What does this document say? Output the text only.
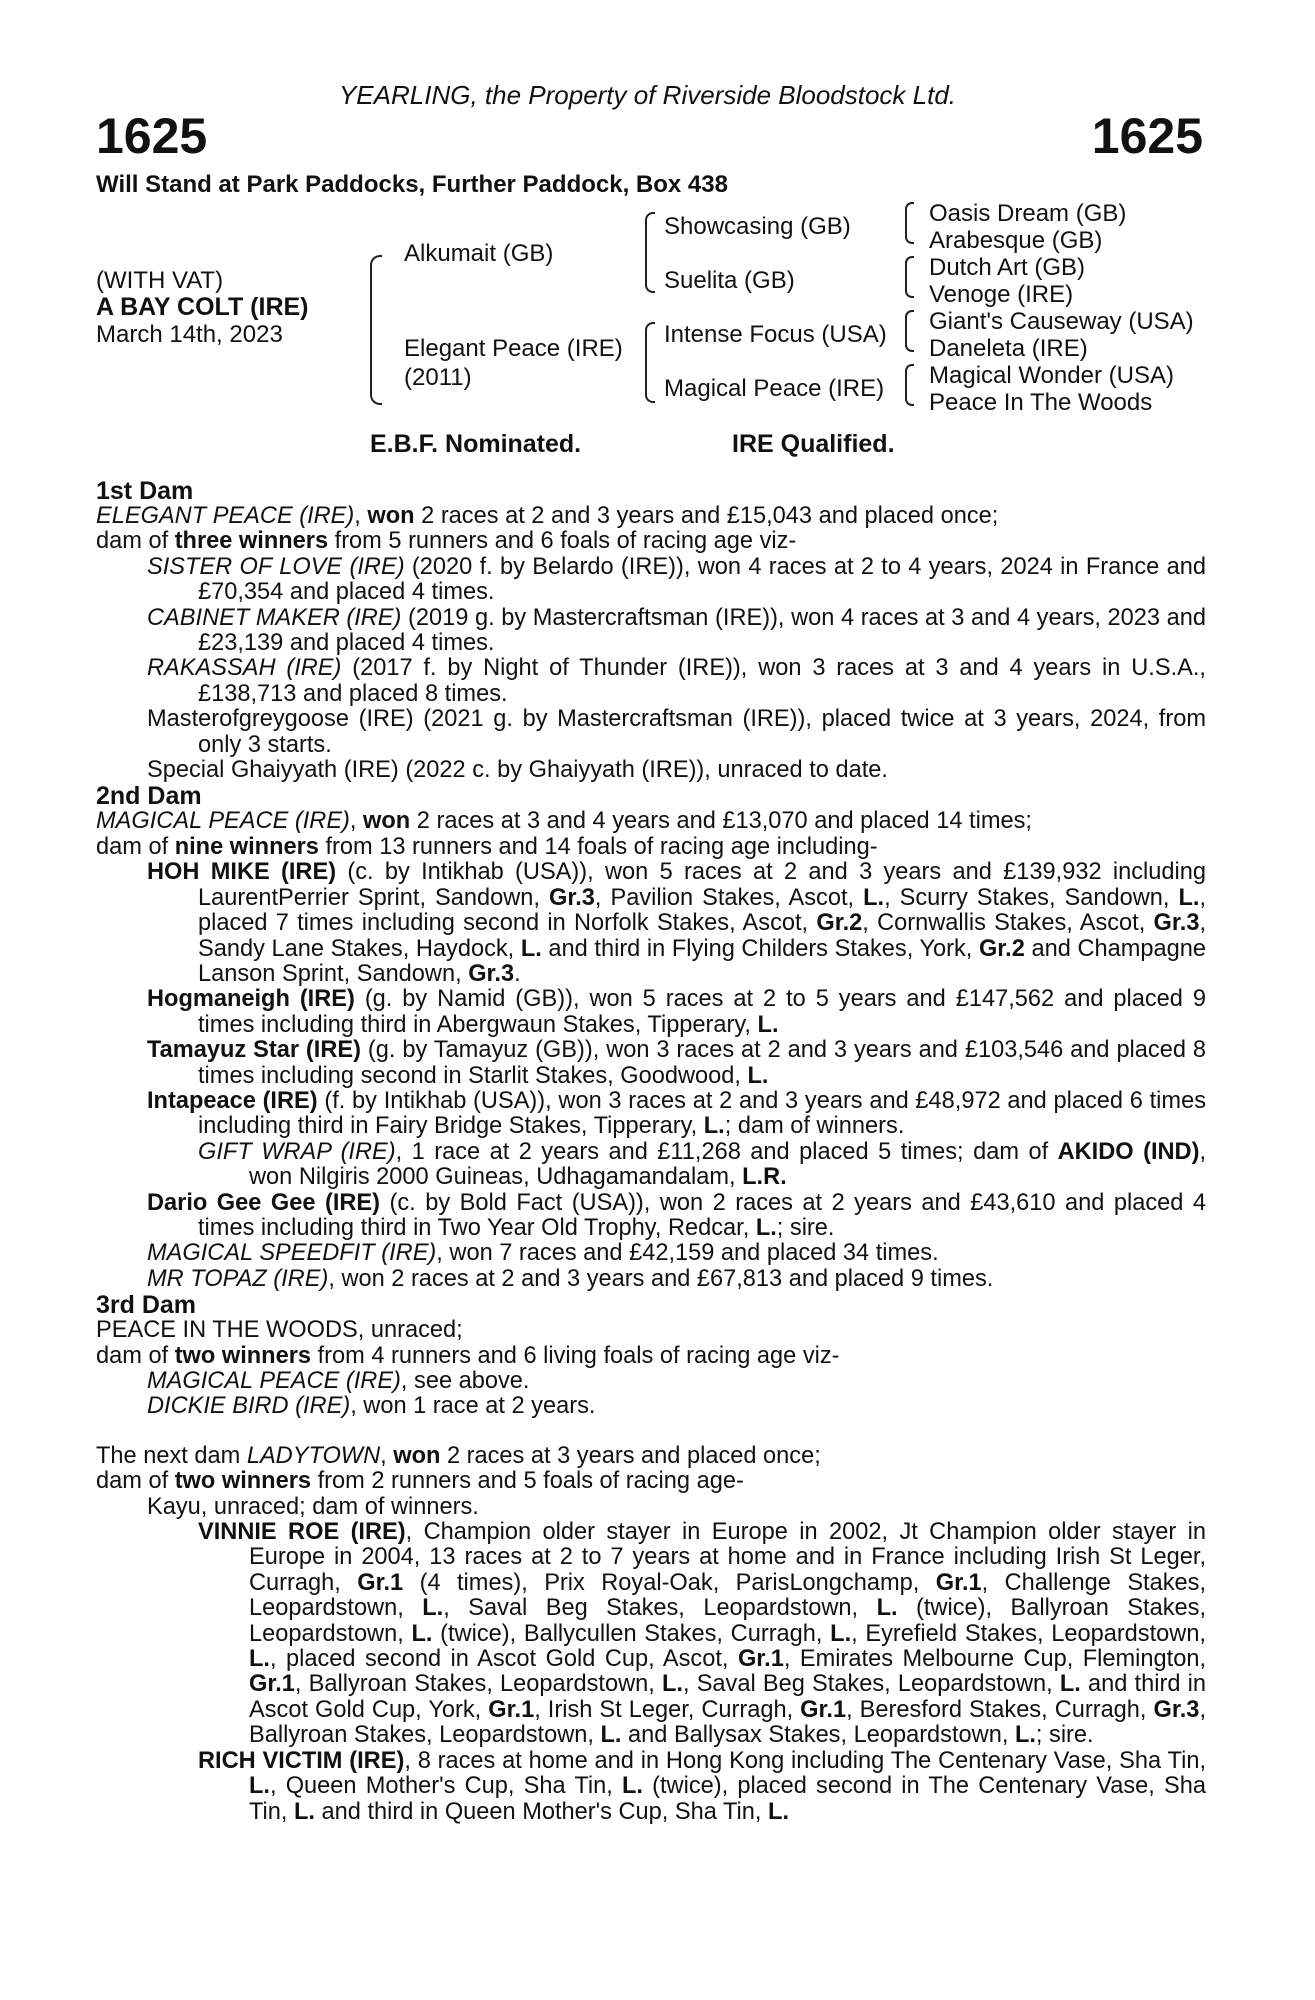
YEARLING, the Property of Riverside Bloodstock Ltd.
1625	1625
Will Stand at Park Paddocks, Further Paddock, Box 438
(WITH VAT)
A BAY COLT (IRE)
March 14th, 2023
Alkumait (GB)
Elegant Peace (IRE)
(2011)
Showcasing (GB)
Suelita (GB)
Intense Focus (USA)
Magical Peace (IRE)
Oasis Dream (GB)
Arabesque (GB)
Dutch Art (GB)
Venoge (IRE)
Giant's Causeway (USA)
Daneleta (IRE)
Magical Wonder (USA)
Peace In The Woods
E.B.F. Nominated.	IRE Qualified.

1st Dam

ELEGANT PEACE (IRE), won 2 races at 2 and 3 years and £15,043 and placed once;

dam of three winners from 5 runners and 6 foals of racing age viz-

SISTER OF LOVE (IRE) (2020 f. by Belardo (IRE)), won 4 races at 2 to 4 years, 2024 in France and £70,354 and placed 4 times.

CABINET MAKER (IRE) (2019 g. by Mastercraftsman (IRE)), won 4 races at 3 and 4 years, 2023 and £23,139 and placed 4 times.

RAKASSAH (IRE) (2017 f. by Night of Thunder (IRE)), won 3 races at 3 and 4 years in U.S.A., £138,713 and placed 8 times.

Masterofgreygoose (IRE) (2021 g. by Mastercraftsman (IRE)), placed twice at 3 years, 2024, from only 3 starts.

Special Ghaiyyath (IRE) (2022 c. by Ghaiyyath (IRE)), unraced to date.

2nd Dam

MAGICAL PEACE (IRE), won 2 races at 3 and 4 years and £13,070 and placed 14 times;

dam of nine winners from 13 runners and 14 foals of racing age including-

HOH MIKE (IRE) (c. by Intikhab (USA)), won 5 races at 2 and 3 years and £139,932 including LaurentPerrier Sprint, Sandown, Gr.3, Pavilion Stakes, Ascot, L., Scurry Stakes, Sandown, L., placed 7 times including second in Norfolk Stakes, Ascot, Gr.2, Cornwallis Stakes, Ascot, Gr.3, Sandy Lane Stakes, Haydock, L. and third in Flying Childers Stakes, York, Gr.2 and Champagne Lanson Sprint, Sandown, Gr.3.

Hogmaneigh (IRE) (g. by Namid (GB)), won 5 races at 2 to 5 years and £147,562 and placed 9 times including third in Abergwaun Stakes, Tipperary, L.

Tamayuz Star (IRE) (g. by Tamayuz (GB)), won 3 races at 2 and 3 years and £103,546 and placed 8 times including second in Starlit Stakes, Goodwood, L.

Intapeace (IRE) (f. by Intikhab (USA)), won 3 races at 2 and 3 years and £48,972 and placed 6 times including third in Fairy Bridge Stakes, Tipperary, L.; dam of winners.

GIFT WRAP (IRE), 1 race at 2 years and £11,268 and placed 5 times; dam of AKIDO (IND), won Nilgiris 2000 Guineas, Udhagamandalam, L.R.

Dario Gee Gee (IRE) (c. by Bold Fact (USA)), won 2 races at 2 years and £43,610 and placed 4 times including third in Two Year Old Trophy, Redcar, L.; sire.

MAGICAL SPEEDFIT (IRE), won 7 races and £42,159 and placed 34 times.

MR TOPAZ (IRE), won 2 races at 2 and 3 years and £67,813 and placed 9 times.

3rd Dam

PEACE IN THE WOODS, unraced;

dam of two winners from 4 runners and 6 living foals of racing age viz-

MAGICAL PEACE (IRE), see above.

DICKIE BIRD (IRE), won 1 race at 2 years.

The next dam LADYTOWN, won 2 races at 3 years and placed once;

dam of two winners from 2 runners and 5 foals of racing age-

Kayu, unraced; dam of winners.

VINNIE ROE (IRE), Champion older stayer in Europe in 2002, Jt Champion older stayer in Europe in 2004, 13 races at 2 to 7 years at home and in France including Irish St Leger, Curragh, Gr.1 (4 times), Prix Royal-Oak, ParisLongchamp, Gr.1, Challenge Stakes, Leopardstown, L., Saval Beg Stakes, Leopardstown, L. (twice), Ballyroan Stakes, Leopardstown, L. (twice), Ballycullen Stakes, Curragh, L., Eyrefield Stakes, Leopardstown, L., placed second in Ascot Gold Cup, Ascot, Gr.1, Emirates Melbourne Cup, Flemington, Gr.1, Ballyroan Stakes, Leopardstown, L., Saval Beg Stakes, Leopardstown, L. and third in Ascot Gold Cup, York, Gr.1, Irish St Leger, Curragh, Gr.1, Beresford Stakes, Curragh, Gr.3, Ballyroan Stakes, Leopardstown, L. and Ballysax Stakes, Leopardstown, L.; sire.

RICH VICTIM (IRE), 8 races at home and in Hong Kong including The Centenary Vase, Sha Tin, L., Queen Mother's Cup, Sha Tin, L. (twice), placed second in The Centenary Vase, Sha Tin, L. and third in Queen Mother's Cup, Sha Tin, L.
